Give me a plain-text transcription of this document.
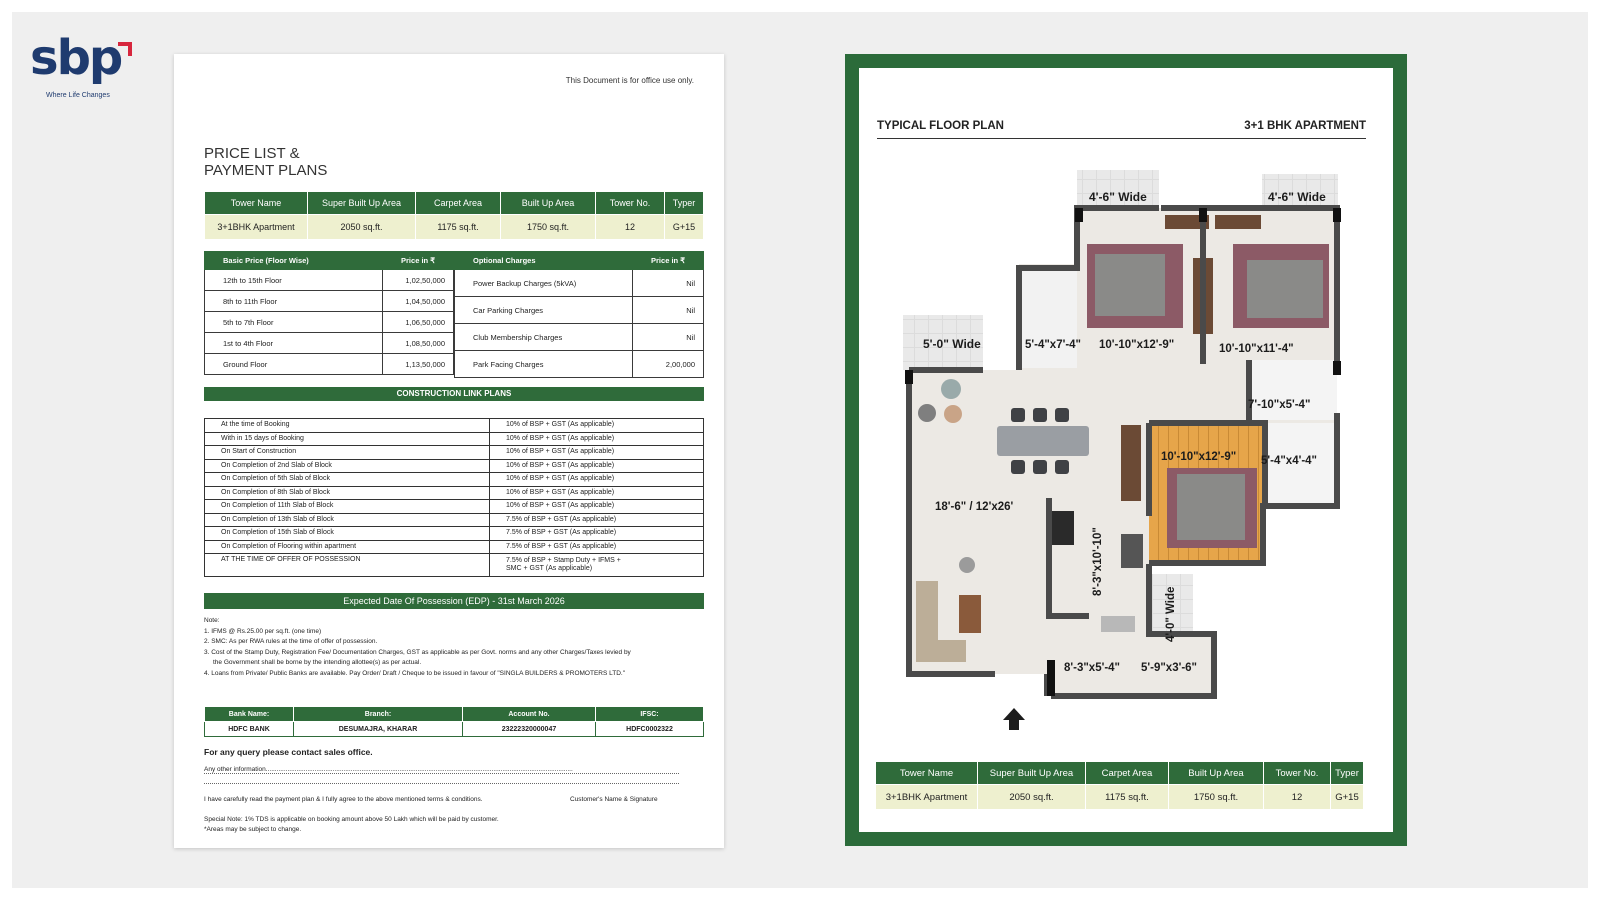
sbp
Where Life Changes
This Document is for office use only.
PRICE LIST &
PAYMENT PLANS
Tower Name	Super Built Up Area	Carpet Area	Built Up Area	Tower No.	Typer
3+1BHK Apartment	2050 sq.ft.	1175 sq.ft.	1750 sq.ft.	12	G+15
Basic Price (Floor Wise)	Price in ₹
12th to 15th Floor	1,02,50,000
8th to 11th Floor	1,04,50,000
5th to 7th Floor	1,06,50,000
1st to 4th Floor	1,08,50,000
Ground Floor	1,13,50,000
Optional Charges	Price in ₹
Power Backup Charges (5kVA)	Nil
Car Parking Charges	Nil
Club Membership Charges	Nil
Park Facing Charges	2,00,000
CONSTRUCTION LINK PLANS
At the time of Booking	10% of BSP + GST (As applicable)
With in 15 days of Booking	10% of BSP + GST (As applicable)
On Start of Construction	10% of BSP + GST (As applicable)
On Completion of 2nd Slab of Block	10% of BSP + GST (As applicable)
On Completion of 5th Slab of Block	10% of BSP + GST (As applicable)
On Completion of 8th Slab of Block	10% of BSP + GST (As applicable)
On Completion of 11th Slab of Block	10% of BSP + GST (As applicable)
On Completion of 13th Slab of Block	7.5% of BSP + GST (As applicable)
On Completion of 15th Slab of Block	7.5% of BSP + GST (As applicable)
On Completion of Flooring within apartment	7.5% of BSP + GST (As applicable)
AT THE TIME OF OFFER OF POSSESSION	7.5% of BSP + Stamp Duty + IFMS +
SMC + GST (As applicable)
Expected Date Of Possession (EDP) - 31st March 2026
Note:
1. IFMS @ Rs.25.00 per sq.ft. (one time)
2. SMC: As per RWA rules at the time of offer of possession.
3. Cost of the Stamp Duty, Registration Fee/ Documentation Charges, GST as applicable as per Govt. norms and any other Charges/Taxes levied by
the Government shall be borne by the intending allottee(s) as per actual.
4. Loans from Private/ Public Banks are available. Pay Order/ Draft / Cheque to be issued in favour of "SINGLA BUILDERS & PROMOTERS LTD."
Bank Name:	Branch:	Account No.	IFSC:
HDFC BANK	DESUMAJRA, KHARAR	23222320000047	HDFC0002322
For any query please contact sales office.
Any other information..........................................................................................................................................................................
I have carefully read the payment plan & I fully agree to the above mentioned terms & conditions.	Customer's Name & Signature
Special Note: 1% TDS is applicable on booking amount above 50 Lakh which will be paid by customer.
*Areas may be subject to change.
TYPICAL FLOOR PLAN	3+1 BHK APARTMENT
4'-6" Wide	4'-6" Wide
5'-0" Wide	5'-4"x7'-4" 10'-10"x12'-9"	10'-10"x11'-4"
7'-10"x5'-4"
10'-10"x12'-9" 5'-4"x4'-4"
18'-6" / 12'x26'
8'-3"x10'-10"
4'-0" Wide
8'-3"x5'-4" 5'-9"x3'-6"
Tower Name	Super Built Up Area	Carpet Area	Built Up Area	Tower No.	Typer
3+1BHK Apartment	2050 sq.ft.	1175 sq.ft.	1750 sq.ft.	12	G+15
